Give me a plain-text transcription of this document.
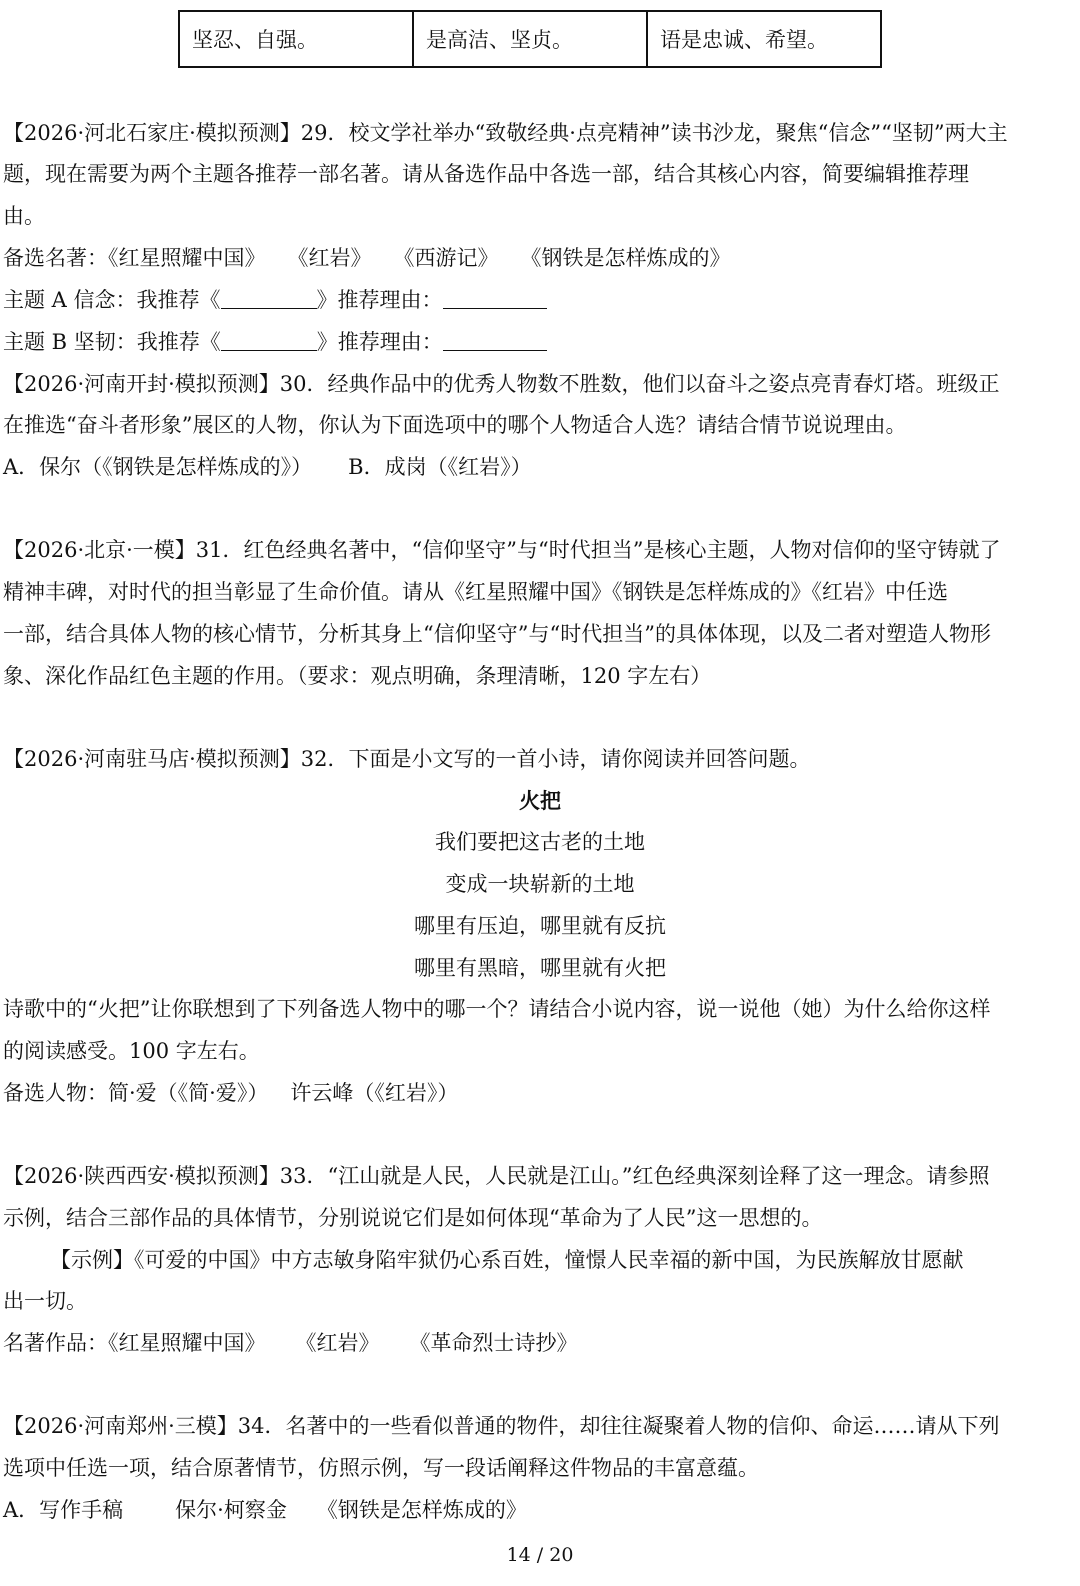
坚忍、自强。	是高洁、坚贞。	语是忠诚、希望。
【2026·河北石家庄·模拟预测】29．校文学社举办“致敬经典·点亮精神”读书沙龙，聚焦“信念”“坚韧”两大主
题，现在需要为两个主题各推荐一部名著。请从备选作品中各选一部，结合其核心内容，简要编辑推荐理
由。
备选名著：《红星照耀中国》 《红岩》 《西游记》 《钢铁是怎样炼成的》
主题 A 信念：我推荐《	》推荐理由：
主题 B 坚韧：我推荐《	》推荐理由：
【2026·河南开封·模拟预测】30．经典作品中的优秀人物数不胜数，他们以奋斗之姿点亮青春灯塔。班级正
在推选“奋斗者形象”展区的人物，你认为下面选项中的哪个人物适合人选？请结合情节说说理由。
A．保尔（《钢铁是怎样炼成的》） B．成岗（《红岩》）
【2026·北京·一模】31．红色经典名著中，“信仰坚守”与“时代担当”是核心主题，人物对信仰的坚守铸就了
精神丰碑，对时代的担当彰显了生命价值。请从《红星照耀中国》《钢铁是怎样炼成的》《红岩》中任选
一部，结合具体人物的核心情节，分析其身上“信仰坚守”与“时代担当”的具体体现，以及二者对塑造人物形
象、深化作品红色主题的作用。（要求：观点明确，条理清晰，120 字左右）
【2026·河南驻马店·模拟预测】32．下面是小文写的一首小诗，请你阅读并回答问题。
火把
我们要把这古老的土地
变成一块崭新的土地
哪里有压迫，哪里就有反抗
哪里有黑暗，哪里就有火把
诗歌中的“火把”让你联想到了下列备选人物中的哪一个？请结合小说内容，说一说他（她）为什么给你这样
的阅读感受。100 字左右。
备选人物：简·爱（《简·爱》） 许云峰（《红岩》）
【2026·陕西西安·模拟预测】33．“江山就是人民，人民就是江山。”红色经典深刻诠释了这一理念。请参照
示例，结合三部作品的具体情节，分别说说它们是如何体现“革命为了人民”这一思想的。
【示例】《可爱的中国》中方志敏身陷牢狱仍心系百姓，憧憬人民幸福的新中国，为民族解放甘愿献
出一切。
名著作品：《红星照耀中国》 《红岩》 《革命烈士诗抄》
【2026·河南郑州·三模】34．名著中的一些看似普通的物件，却往往凝聚着人物的信仰、命运……请从下列
选项中任选一项，结合原著情节，仿照示例，写一段话阐释这件物品的丰富意蕴。
A．写作手稿 保尔·柯察金 《钢铁是怎样炼成的》
14 / 20
